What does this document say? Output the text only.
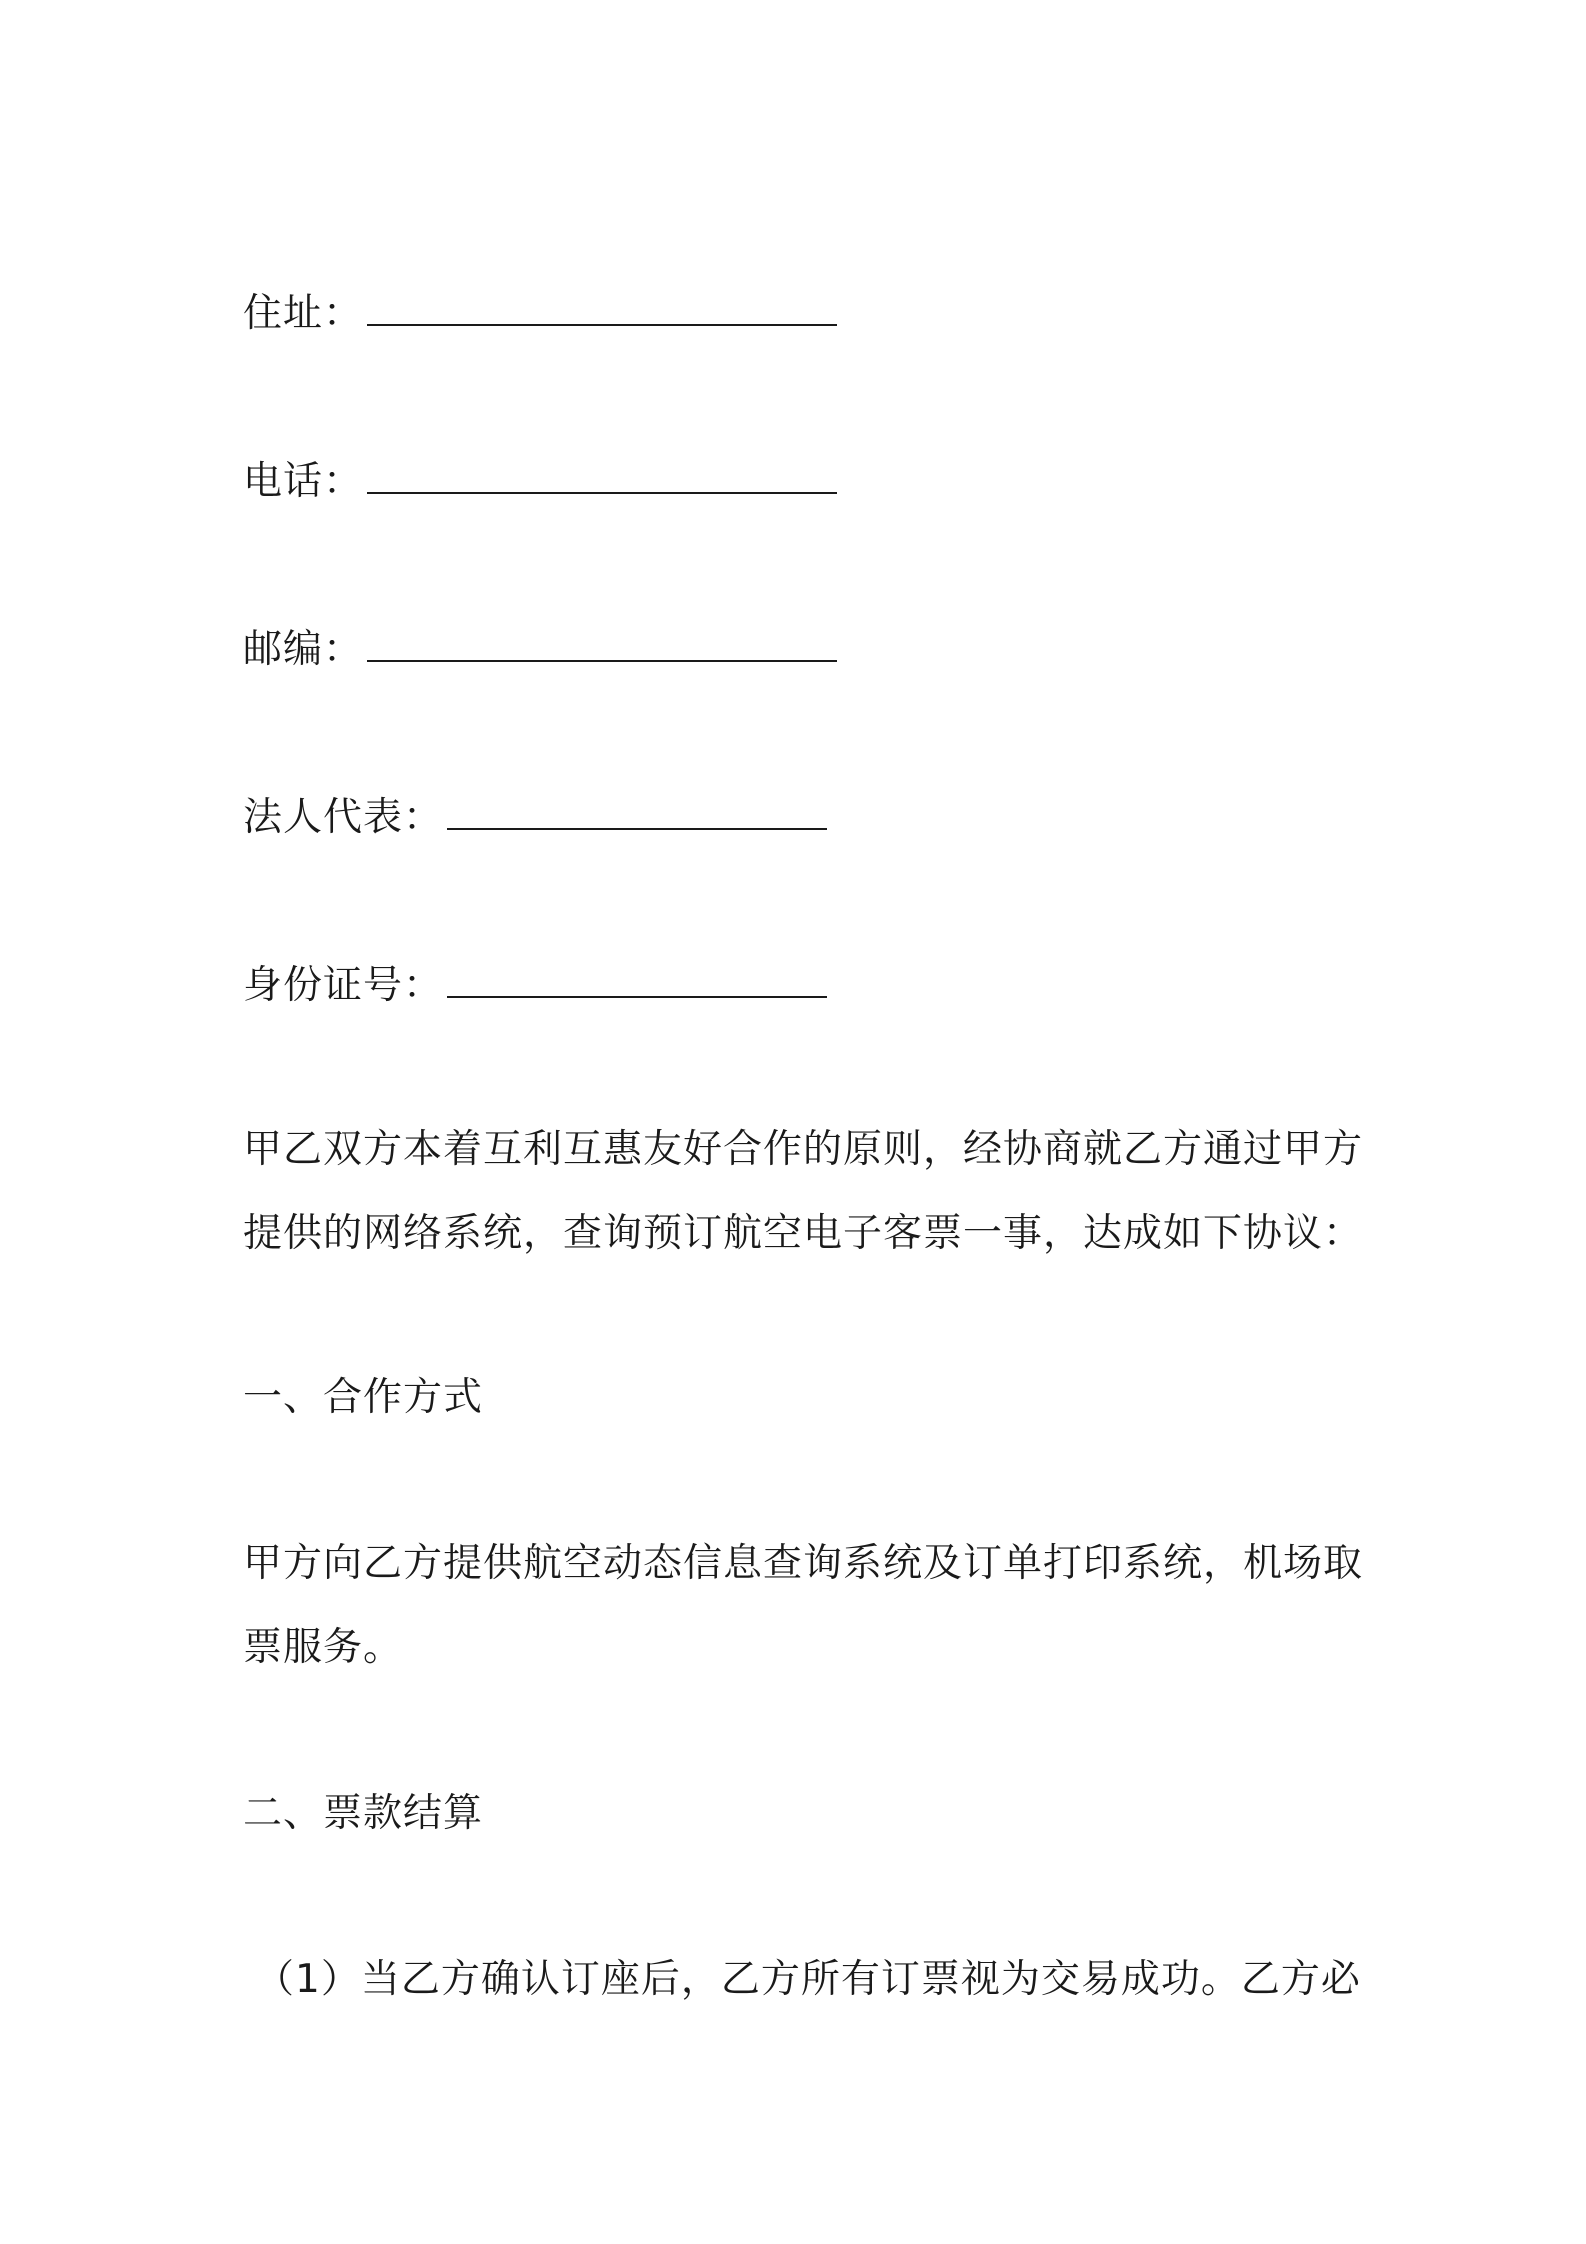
住址：
电话：
邮编：
法人代表：
身份证号：
甲乙双方本着互利互惠友好合作的原则，经协商就乙方通过甲方
提供的网络系统，查询预订航空电子客票一事，达成如下协议：
一、合作方式
甲方向乙方提供航空动态信息查询系统及订单打印系统，机场取
票服务。
二、票款结算
（1）当乙方确认订座后，乙方所有订票视为交易成功。乙方必
